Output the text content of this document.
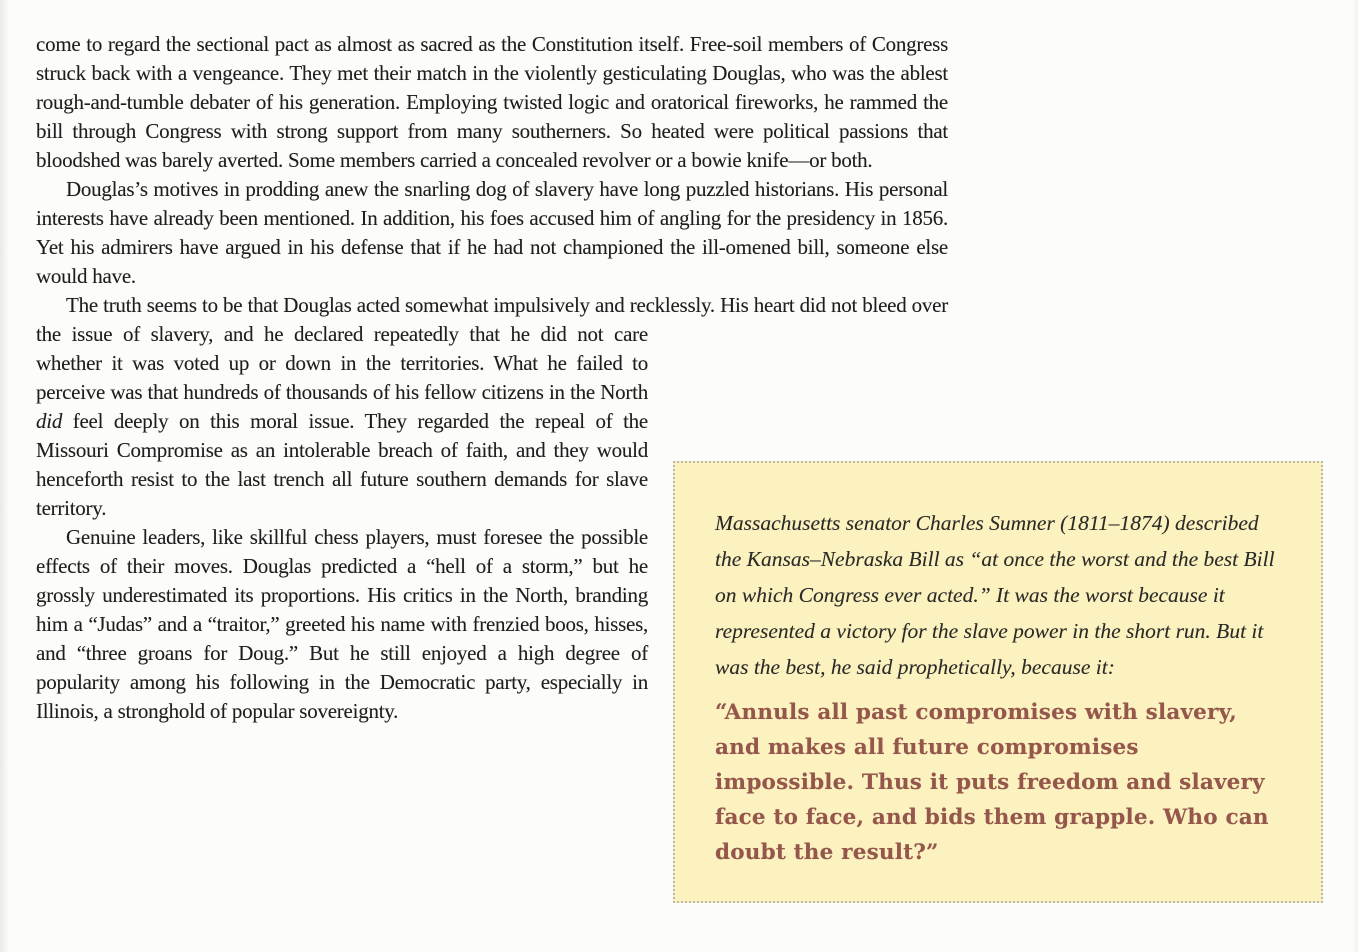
come to regard the sectional pact as almost as sacred as the Constitution itself. Free-soil members of Congress struck back with a vengeance. They met their match in the violently gesticulating Douglas, who was the ablest rough-and-tumble debater of his generation. Employing twisted logic and oratorical fireworks, he rammed the bill through Congress with strong support from many southerners. So heated were political passions that bloodshed was barely averted. Some members carried a concealed revolver or a bowie knife—or both.

Douglas’s motives in prodding anew the snarling dog of slavery have long puzzled historians. His personal interests have already been mentioned. In addition, his foes accused him of angling for the presidency in 1856. Yet his admirers have argued in his defense that if he had not championed the ill-omened bill, someone else would have.

The truth seems to be that Douglas acted somewhat impulsively and recklessly. His heart did not bleed over the issue of slavery, and he declared repeatedly that he did
not care whether it was voted up or down in the territories. What he failed to perceive was that hundreds of thousands of his fellow citizens in the North did feel deeply on this moral issue. They regarded the repeal of the Missouri Compromise as an intolerable breach of faith, and they would henceforth resist to the last trench all future southern demands for slave territory.

Genuine leaders, like skillful chess players, must foresee the possible effects of their moves. Douglas predicted a “hell of a storm,” but he grossly underestimated its proportions. His critics in the North, branding him a “Judas” and a “traitor,” greeted his name with frenzied boos, hisses, and “three groans for Doug.” But he still enjoyed a high degree of popularity among his following in the Democratic party, especially in Illinois, a stronghold of popular sovereignty.

Massachusetts senator Charles Sumner (1811–1874) described the Kansas–Nebraska Bill as “at once the worst and the best Bill on which Congress ever acted.” It was the worst because it represented a victory for the slave power in the short run. But it was the best, he said prophetically, because it:
“Annuls all past compromises with slavery, and makes all future compromises impossible. Thus it puts freedom and slavery face to face, and bids them grapple. Who can doubt the result?”
